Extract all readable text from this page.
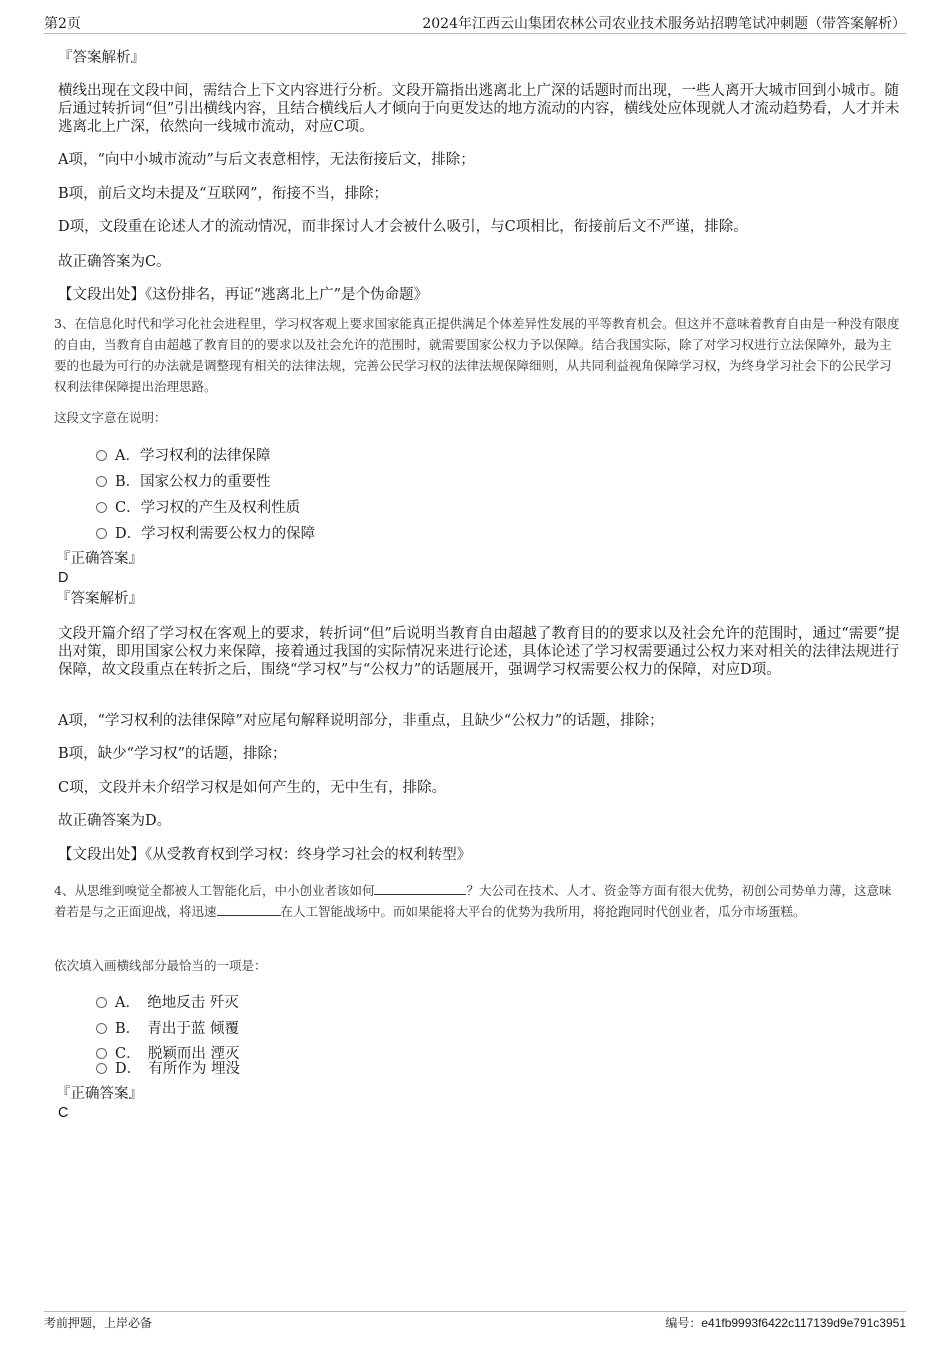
第2页	2024年江西云山集团农林公司农业技术服务站招聘笔试冲刺题（带答案解析）
『答案解析』
横线出现在文段中间，需结合上下文内容进行分析。文段开篇指出逃离北上广深的话题时而出现，一些人离开大城市回到小城市。随后通过转折词“但”引出横线内容，且结合横线后人才倾向于向更发达的地方流动的内容，横线处应体现就人才流动趋势看，人才并未逃离北上广深，依然向一线城市流动，对应C项。
A项，“向中小城市流动”与后文表意相悖，无法衔接后文，排除；
B项，前后文均未提及“互联网”，衔接不当，排除；
D项，文段重在论述人才的流动情况，而非探讨人才会被什么吸引，与C项相比，衔接前后文不严谨，排除。
故正确答案为C。
【文段出处】《这份排名，再证“逃离北上广”是个伪命题》
3、在信息化时代和学习化社会进程里，学习权客观上要求国家能真正提供满足个体差异性发展的平等教育机会。但这并不意味着教育自由是一种没有限度的自由，当教育自由超越了教育目的的要求以及社会允许的范围时，就需要国家公权力予以保障。结合我国实际，除了对学习权进行立法保障外，最为主要的也最为可行的办法就是调整现有相关的法律法规，完善公民学习权的法律法规保障细则，从共同利益视角保障学习权，为终身学习社会下的公民学习权利法律保障提出治理思路。
这段文字意在说明：
A．学习权利的法律保障
B．国家公权力的重要性
C．学习权的产生及权利性质
D．学习权利需要公权力的保障
『正确答案』
D
『答案解析』
文段开篇介绍了学习权在客观上的要求，转折词“但”后说明当教育自由超越了教育目的的要求以及社会允许的范围时，通过“需要”提出对策，即用国家公权力来保障，接着通过我国的实际情况来进行论述，具体论述了学习权需要通过公权力来对相关的法律法规进行保障，故文段重点在转折之后，围绕“学习权”与“公权力”的话题展开，强调学习权需要公权力的保障，对应D项。
A项，“学习权利的法律保障”对应尾句解释说明部分，非重点，且缺少“公权力”的话题，排除；
B项，缺少“学习权”的话题，排除；
C项，文段并未介绍学习权是如何产生的，无中生有，排除。
故正确答案为D。
【文段出处】《从受教育权到学习权：终身学习社会的权利转型》
4、从思维到嗅觉全都被人工智能化后，中小创业者该如何	？大公司在技术、人才、资金等方面有很大优势，初创公司势单力薄，这意味着若是与之正面迎战，将迅速	在人工智能战场中。而如果能将大平台的优势为我所用，将抢跑同时代创业者，瓜分市场蛋糕。
依次填入画横线部分最恰当的一项是：
A．　绝地反击 歼灭
B．　青出于蓝 倾覆
C．　脱颖而出 湮灭
D．　有所作为 埋没
『正确答案』
C
考前押题，上岸必备	编号：e41fb9993f6422c117139d9e791c3951
